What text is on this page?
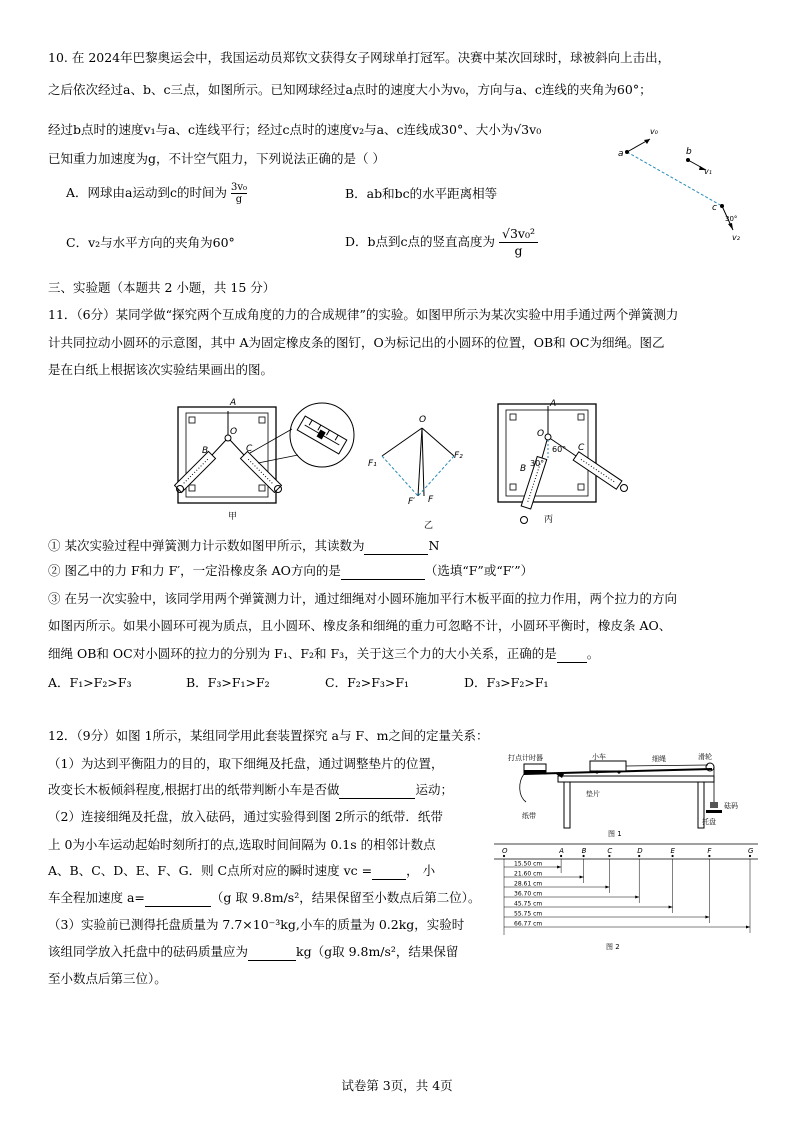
10. 在 2024年巴黎奥运会中，我国运动员郑钦文获得女子网球单打冠军。决赛中某次回球时，球被斜向上击出，
之后依次经过a、b、c三点，如图所示。已知网球经过a点时的速度大小为v₀，方向与a、c连线的夹角为60°；
经过b点时的速度v₁与a、c连线平行；经过c点时的速度v₂与a、c连线成30°、大小为√3v₀
已知重力加速度为g，不计空气阻力，下列说法正确的是（ ）
A．网球由a运动到c的时间为 $\frac{\text{3v₀}}{g}$	B．ab和bc的水平距离相等
C．v₂与水平方向的夹角为60°	D．b点到c点的竖直高度为 $\frac{\text{√3v₀²}}{g}$
v₀
a	b
v₁
c
30°
v₂
三、实验题（本题共 2 小题，共 15 分）
11．（6分）某同学做“探究两个互成角度的力的合成规律”的实验。如图甲所示为某次实验中用手通过两个弹簧测力
计共同拉动小圆环的示意图，其中 A为固定橡皮条的图钉，O为标记出的小圆环的位置，OB和 OC为细绳。图乙
是在白纸上根据该次实验结果画出的图。
A
O
B	C
甲
O
F₁
F₂
F′ F
乙
A
O
60°
30°
B
C
丙
① 某次实验过程中弹簧测力计示数如图甲所示，其读数为	N
② 图乙中的力 F和力 F′，一定沿橡皮条 AO方向的是	（选填“F”或“F′”）
③ 在另一次实验中，该同学用两个弹簧测力计，通过细绳对小圆环施加平行木板平面的拉力作用，两个拉力的方向
如图丙所示。如果小圆环可视为质点，且小圆环、橡皮条和细绳的重力可忽略不计，小圆环平衡时，橡皮条 AO、
细绳 OB和 OC对小圆环的拉力的分别为 F₁、F₂和 F₃，关于这三个力的大小关系，正确的是 。
A．F₁>F₂>F₃	B．F₃>F₁>F₂	C．F₂>F₃>F₁	D．F₃>F₂>F₁
12．（9分）如图 1所示，某组同学用此套装置探究 a与 F、m之间的定量关系：
（1）为达到平衡阻力的目的，取下细绳及托盘，通过调整垫片的位置，
改变长木板倾斜程度,根据打出的纸带判断小车是否做	运动；
（2）连接细绳及托盘，放入砝码，通过实验得到图 2所示的纸带．纸带
上 0为小车运动起始时刻所打的点,选取时间间隔为 0.1s 的相邻计数点
A、B、C、D、E、F、G．则 C点所对应的瞬时速度 vc =	， 小
车全程加速度 a=	（g 取 9.8m/s²，结果保留至小数点后第二位）。
（3）实验前已测得托盘质量为 7.7×10⁻³kg,小车的质量为 0.2kg，实验时
该组同学放入托盘中的砝码质量应为	kg（g取 9.8m/s²，结果保留
至小数点后第三位）。
打点计时器	小车	细绳	滑轮
纸带
垫片
砝码
托盘
图 1
图 2
O	A	B	C	D	E	F	G
15.50 cm
21.60 cm
28.61 cm
36.70 cm
45.75 cm
55.75 cm
66.77 cm
试卷第 3页，共 4页
